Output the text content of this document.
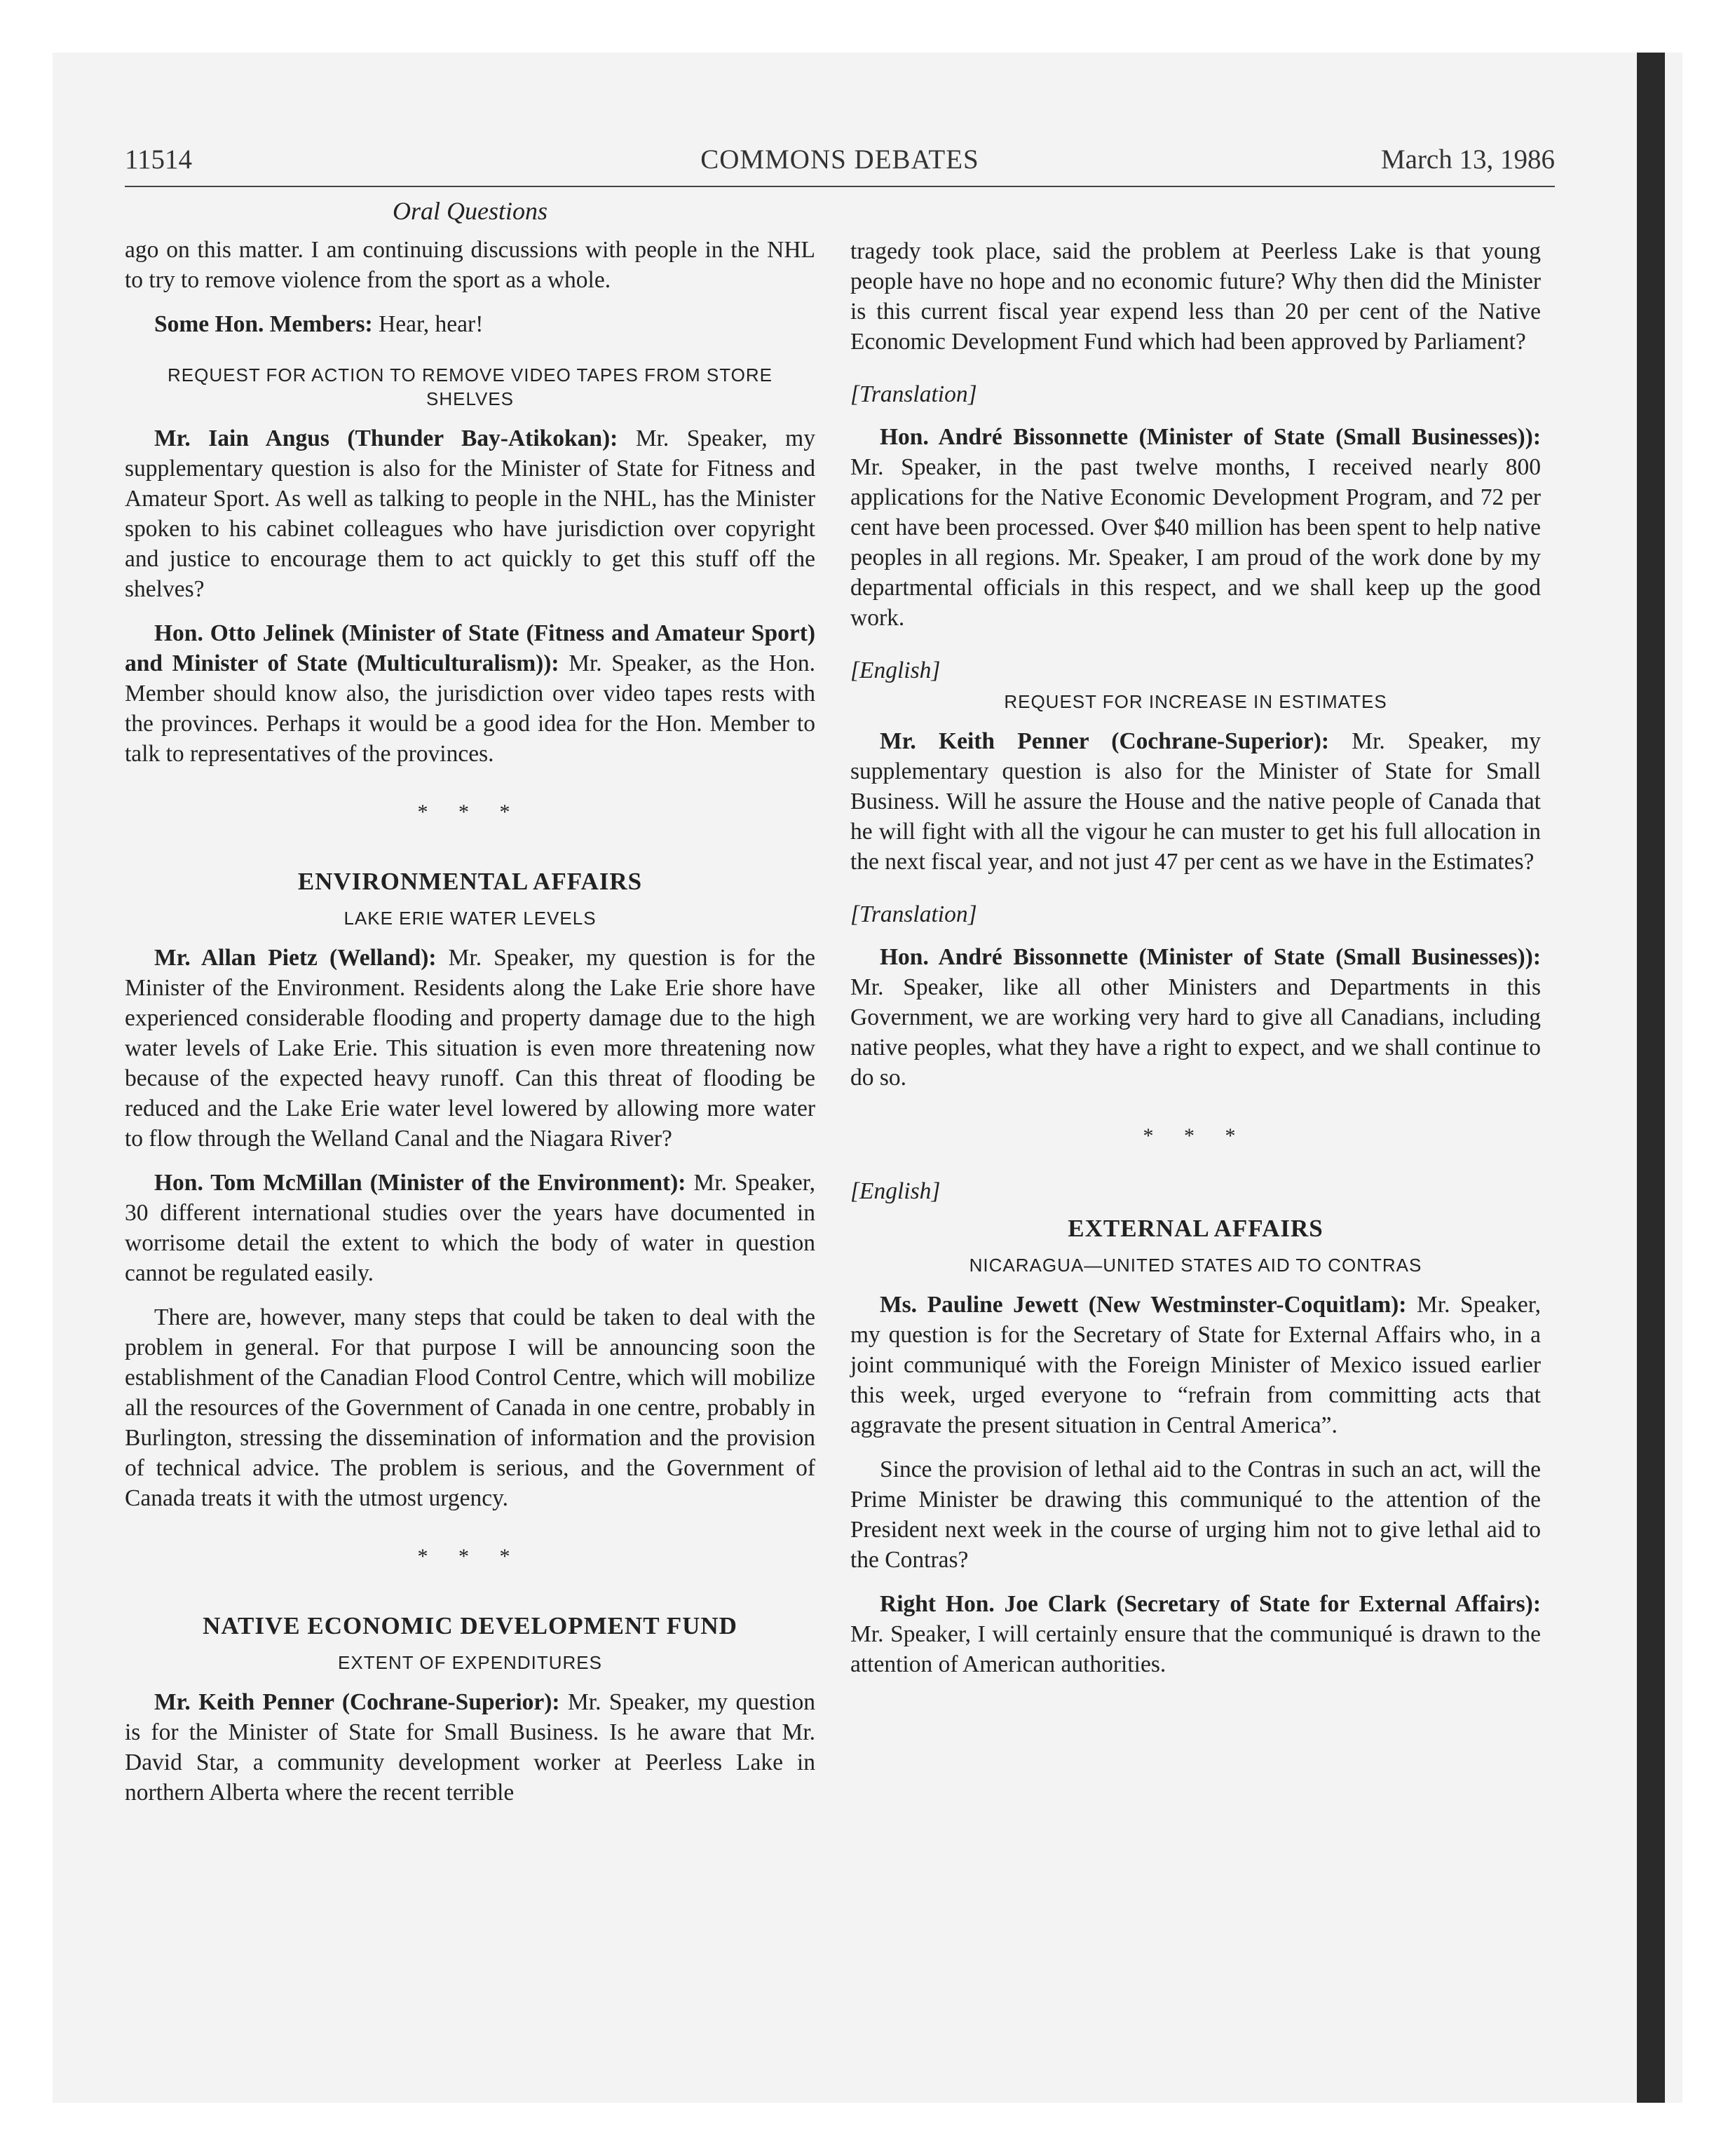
11514	COMMONS DEBATES	March 13, 1986
Oral Questions

ago on this matter. I am continuing discussions with people in the NHL to try to remove violence from the sport as a whole.

Some Hon. Members: Hear, hear!

REQUEST FOR ACTION TO REMOVE VIDEO TAPES FROM STORE SHELVES

Mr. Iain Angus (Thunder Bay-Atikokan): Mr. Speaker, my supplementary question is also for the Minister of State for Fitness and Amateur Sport. As well as talking to people in the NHL, has the Minister spoken to his cabinet colleagues who have jurisdiction over copyright and justice to encourage them to act quickly to get this stuff off the shelves?

Hon. Otto Jelinek (Minister of State (Fitness and Amateur Sport) and Minister of State (Multiculturalism)): Mr. Speaker, as the Hon. Member should know also, the jurisdiction over video tapes rests with the provinces. Perhaps it would be a good idea for the Hon. Member to talk to representatives of the provinces.

* * *
ENVIRONMENTAL AFFAIRS
LAKE ERIE WATER LEVELS

Mr. Allan Pietz (Welland): Mr. Speaker, my question is for the Minister of the Environment. Residents along the Lake Erie shore have experienced considerable flooding and property damage due to the high water levels of Lake Erie. This situation is even more threatening now because of the expected heavy runoff. Can this threat of flooding be reduced and the Lake Erie water level lowered by allowing more water to flow through the Welland Canal and the Niagara River?

Hon. Tom McMillan (Minister of the Environment): Mr. Speaker, 30 different international studies over the years have documented in worrisome detail the extent to which the body of water in question cannot be regulated easily.

There are, however, many steps that could be taken to deal with the problem in general. For that purpose I will be announcing soon the establishment of the Canadian Flood Control Centre, which will mobilize all the resources of the Government of Canada in one centre, probably in Burlington, stressing the dissemination of information and the provision of technical advice. The problem is serious, and the Government of Canada treats it with the utmost urgency.

* * *
NATIVE ECONOMIC DEVELOPMENT FUND
EXTENT OF EXPENDITURES

Mr. Keith Penner (Cochrane-Superior): Mr. Speaker, my question is for the Minister of State for Small Business. Is he aware that Mr. David Star, a community development worker at Peerless Lake in northern Alberta where the recent terrible

tragedy took place, said the problem at Peerless Lake is that young people have no hope and no economic future? Why then did the Minister is this current fiscal year expend less than 20 per cent of the Native Economic Development Fund which had been approved by Parliament?

[Translation]

Hon. André Bissonnette (Minister of State (Small Businesses)): Mr. Speaker, in the past twelve months, I received nearly 800 applications for the Native Economic Development Program, and 72 per cent have been processed. Over $40 million has been spent to help native peoples in all regions. Mr. Speaker, I am proud of the work done by my departmental officials in this respect, and we shall keep up the good work.

[English]
REQUEST FOR INCREASE IN ESTIMATES

Mr. Keith Penner (Cochrane-Superior): Mr. Speaker, my supplementary question is also for the Minister of State for Small Business. Will he assure the House and the native people of Canada that he will fight with all the vigour he can muster to get his full allocation in the next fiscal year, and not just 47 per cent as we have in the Estimates?

[Translation]

Hon. André Bissonnette (Minister of State (Small Businesses)): Mr. Speaker, like all other Ministers and Departments in this Government, we are working very hard to give all Canadians, including native peoples, what they have a right to expect, and we shall continue to do so.

* * *
[English]
EXTERNAL AFFAIRS
NICARAGUA—UNITED STATES AID TO CONTRAS

Ms. Pauline Jewett (New Westminster-Coquitlam): Mr. Speaker, my question is for the Secretary of State for External Affairs who, in a joint communiqué with the Foreign Minister of Mexico issued earlier this week, urged everyone to “refrain from committing acts that aggravate the present situation in Central America”.

Since the provision of lethal aid to the Contras in such an act, will the Prime Minister be drawing this communiqué to the attention of the President next week in the course of urging him not to give lethal aid to the Contras?

Right Hon. Joe Clark (Secretary of State for External Affairs): Mr. Speaker, I will certainly ensure that the communiqué is drawn to the attention of American authorities.
